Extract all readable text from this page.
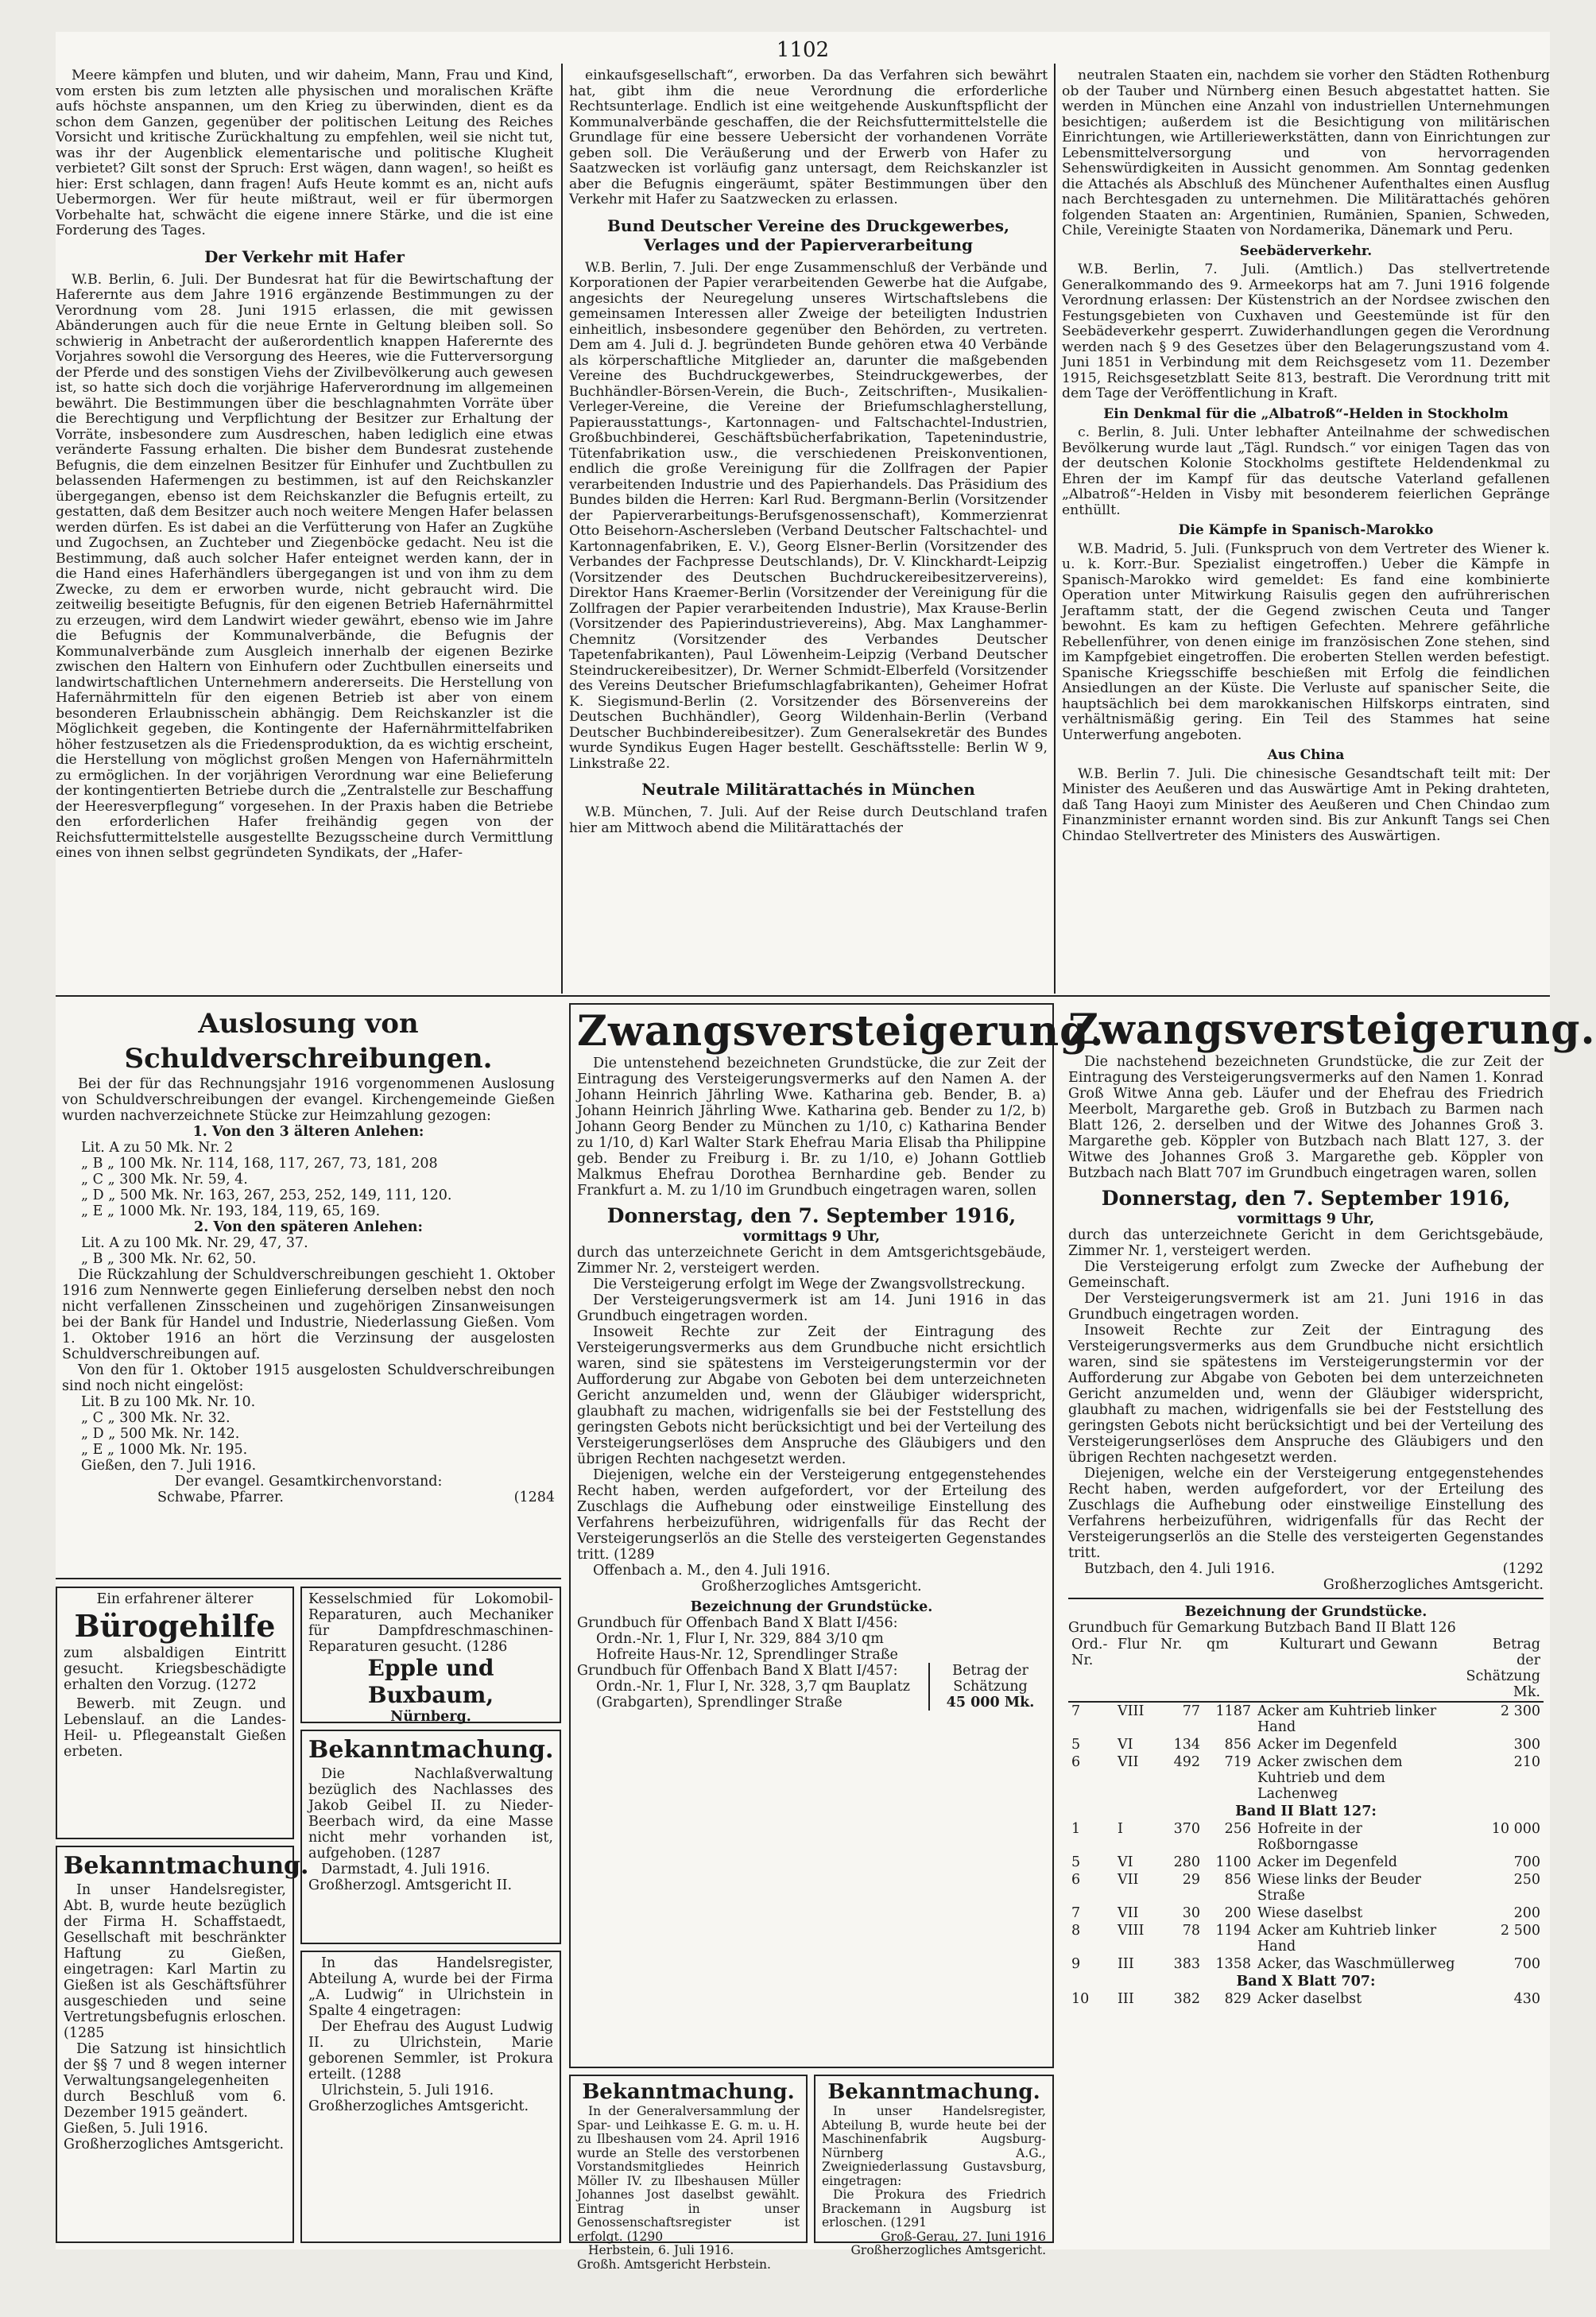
1102

Meere kämpfen und bluten, und wir daheim, Mann, Frau und Kind, vom ersten bis zum letzten alle physischen und moralischen Kräfte aufs höchste anspannen, um den Krieg zu überwinden, dient es da schon dem Ganzen, gegenüber der politischen Leitung des Reiches Vorsicht und kritische Zurückhaltung zu empfehlen, weil sie nicht tut, was ihr der Augenblick elementarische und politische Klugheit verbietet? Gilt sonst der Spruch: Erst wägen, dann wagen!, so heißt es hier: Erst schlagen, dann fragen! Aufs Heute kommt es an, nicht aufs Uebermorgen. Wer für heute mißtraut, weil er für übermorgen Vorbehalte hat, schwächt die eigene innere Stärke, und die ist eine Forderung des Tages.

Der Verkehr mit Hafer

W.B. Berlin, 6. Juli. Der Bundesrat hat für die Bewirtschaftung der Haferernte aus dem Jahre 1916 ergänzende Bestimmungen zu der Verordnung vom 28. Juni 1915 erlassen, die mit gewissen Abänderungen auch für die neue Ernte in Geltung bleiben soll. So schwierig in Anbetracht der außerordentlich knappen Haferernte des Vorjahres sowohl die Versorgung des Heeres, wie die Futterversorgung der Pferde und des sonstigen Viehs der Zivilbevölkerung auch gewesen ist, so hatte sich doch die vorjährige Haferverordnung im allgemeinen bewährt. Die Bestimmungen über die beschlagnahmten Vorräte über die Berechtigung und Verpflichtung der Besitzer zur Erhaltung der Vorräte, insbesondere zum Ausdreschen, haben lediglich eine etwas veränderte Fassung erhalten. Die bisher dem Bundesrat zustehende Befugnis, die dem einzelnen Besitzer für Einhufer und Zuchtbullen zu belassenden Hafermengen zu bestimmen, ist auf den Reichskanzler übergegangen, ebenso ist dem Reichskanzler die Befugnis erteilt, zu gestatten, daß dem Besitzer auch noch weitere Mengen Hafer belassen werden dürfen. Es ist dabei an die Verfütterung von Hafer an Zugkühe und Zugochsen, an Zuchteber und Ziegenböcke gedacht. Neu ist die Bestimmung, daß auch solcher Hafer enteignet werden kann, der in die Hand eines Haferhändlers übergegangen ist und von ihm zu dem Zwecke, zu dem er erworben wurde, nicht gebraucht wird. Die zeitweilig beseitigte Befugnis, für den eigenen Betrieb Hafernährmittel zu erzeugen, wird dem Landwirt wieder gewährt, ebenso wie im Jahre die Befugnis der Kommunalverbände, die Befugnis der Kommunalverbände zum Ausgleich innerhalb der eigenen Bezirke zwischen den Haltern von Einhufern oder Zuchtbullen einerseits und landwirtschaftlichen Unternehmern andererseits. Die Herstellung von Hafernährmitteln für den eigenen Betrieb ist aber von einem besonderen Erlaubnisschein abhängig. Dem Reichskanzler ist die Möglichkeit gegeben, die Kontingente der Hafernährmittelfabriken höher festzusetzen als die Friedensproduktion, da es wichtig erscheint, die Herstellung von möglichst großen Mengen von Hafernährmitteln zu ermöglichen. In der vorjährigen Verordnung war eine Belieferung der kontingentierten Betriebe durch die „Zentralstelle zur Beschaffung der Heeresverpflegung“ vorgesehen. In der Praxis haben die Betriebe den erforderlichen Hafer freihändig gegen von der Reichsfuttermittelstelle ausgestellte Bezugsscheine durch Vermittlung eines von ihnen selbst gegründeten Syndikats, der „Hafer-

einkaufsgesellschaft“, erworben. Da das Verfahren sich bewährt hat, gibt ihm die neue Verordnung die erforderliche Rechtsunterlage. Endlich ist eine weitgehende Auskunftspflicht der Kommunalverbände geschaffen, die der Reichsfuttermittelstelle die Grundlage für eine bessere Uebersicht der vorhandenen Vorräte geben soll. Die Veräußerung und der Erwerb von Hafer zu Saatzwecken ist vorläufig ganz untersagt, dem Reichskanzler ist aber die Befugnis eingeräumt, später Bestimmungen über den Verkehr mit Hafer zu Saatzwecken zu erlassen.

Bund Deutscher Vereine des Druckgewerbes, Verlages und der Papierverarbeitung

W.B. Berlin, 7. Juli. Der enge Zusammenschluß der Verbände und Korporationen der Papier verarbeitenden Gewerbe hat die Aufgabe, angesichts der Neuregelung unseres Wirtschaftslebens die gemeinsamen Interessen aller Zweige der beteiligten Industrien einheitlich, insbesondere gegenüber den Behörden, zu vertreten. Dem am 4. Juli d. J. begründeten Bunde gehören etwa 40 Verbände als körperschaftliche Mitglieder an, darunter die maßgebenden Vereine des Buchdruckgewerbes, Steindruckgewerbes, der Buchhändler-Börsen-Verein, die Buch-, Zeitschriften-, Musikalien-Verleger-Vereine, die Vereine der Briefumschlagherstellung, Papierausstattungs-, Kartonnagen- und Faltschachtel-Industrien, Großbuchbinderei, Geschäftsbücherfabrikation, Tapetenindustrie, Tütenfabrikation usw., die verschiedenen Preiskonventionen, endlich die große Vereinigung für die Zollfragen der Papier verarbeitenden Industrie und des Papierhandels. Das Präsidium des Bundes bilden die Herren: Karl Rud. Bergmann-Berlin (Vorsitzender der Papierverarbeitungs-Berufsgenossenschaft), Kommerzienrat Otto Beisehorn-Aschersleben (Verband Deutscher Faltschachtel- und Kartonnagenfabriken, E. V.), Georg Elsner-Berlin (Vorsitzender des Verbandes der Fachpresse Deutschlands), Dr. V. Klinckhardt-Leipzig (Vorsitzender des Deutschen Buchdruckereibesitzervereins), Direktor Hans Kraemer-Berlin (Vorsitzender der Vereinigung für die Zollfragen der Papier verarbeitenden Industrie), Max Krause-Berlin (Vorsitzender des Papierindustrievereins), Abg. Max Langhammer-Chemnitz (Vorsitzender des Verbandes Deutscher Tapetenfabrikanten), Paul Löwenheim-Leipzig (Verband Deutscher Steindruckereibesitzer), Dr. Werner Schmidt-Elberfeld (Vorsitzender des Vereins Deutscher Briefumschlagfabrikanten), Geheimer Hofrat K. Siegismund-Berlin (2. Vorsitzender des Börsenvereins der Deutschen Buchhändler), Georg Wildenhain-Berlin (Verband Deutscher Buchbindereibesitzer). Zum Generalsekretär des Bundes wurde Syndikus Eugen Hager bestellt. Geschäftsstelle: Berlin W 9, Linkstraße 22.

Neutrale Militärattachés in München

W.B. München, 7. Juli. Auf der Reise durch Deutschland trafen hier am Mittwoch abend die Militärattachés der

neutralen Staaten ein, nachdem sie vorher den Städten Rothenburg ob der Tauber und Nürnberg einen Besuch abgestattet hatten. Sie werden in München eine Anzahl von industriellen Unternehmungen besichtigen; außerdem ist die Besichtigung von militärischen Einrichtungen, wie Artilleriewerkstätten, dann von Einrichtungen zur Lebensmittelversorgung und von hervorragenden Sehenswürdigkeiten in Aussicht genommen. Am Sonntag gedenken die Attachés als Abschluß des Münchener Aufenthaltes einen Ausflug nach Berchtesgaden zu unternehmen. Die Militärattachés gehören folgenden Staaten an: Argentinien, Rumänien, Spanien, Schweden, Chile, Vereinigte Staaten von Nordamerika, Dänemark und Peru.

Seebäderverkehr.

W.B. Berlin, 7. Juli. (Amtlich.) Das stellvertretende Generalkommando des 9. Armeekorps hat am 7. Juni 1916 folgende Verordnung erlassen: Der Küstenstrich an der Nordsee zwischen den Festungsgebieten von Cuxhaven und Geestemünde ist für den Seebädeverkehr gesperrt. Zuwiderhandlungen gegen die Verordnung werden nach § 9 des Gesetzes über den Belagerungszustand vom 4. Juni 1851 in Verbindung mit dem Reichsgesetz vom 11. Dezember 1915, Reichsgesetzblatt Seite 813, bestraft. Die Verordnung tritt mit dem Tage der Veröffentlichung in Kraft.

Ein Denkmal für die „Albatroß“-Helden in Stockholm

c. Berlin, 8. Juli. Unter lebhafter Anteilnahme der schwedischen Bevölkerung wurde laut „Tägl. Rundsch.“ vor einigen Tagen das von der deutschen Kolonie Stockholms gestiftete Heldendenkmal zu Ehren der im Kampf für das deutsche Vaterland gefallenen „Albatroß“-Helden in Visby mit besonderem feierlichen Gepränge enthüllt.

Die Kämpfe in Spanisch-Marokko

W.B. Madrid, 5. Juli. (Funkspruch von dem Vertreter des Wiener k. u. k. Korr.-Bur. Spezialist eingetroffen.) Ueber die Kämpfe in Spanisch-Marokko wird gemeldet: Es fand eine kombinierte Operation unter Mitwirkung Raisulis gegen den aufrührerischen Jeraftamm statt, der die Gegend zwischen Ceuta und Tanger bewohnt. Es kam zu heftigen Gefechten. Mehrere gefährliche Rebellenführer, von denen einige im französischen Zone stehen, sind im Kampfgebiet eingetroffen. Die eroberten Stellen werden befestigt. Spanische Kriegsschiffe beschießen mit Erfolg die feindlichen Ansiedlungen an der Küste. Die Verluste auf spanischer Seite, die hauptsächlich bei dem marokkanischen Hilfskorps eintraten, sind verhältnismäßig gering. Ein Teil des Stammes hat seine Unterwerfung angeboten.

Aus China

W.B. Berlin 7. Juli. Die chinesische Gesandtschaft teilt mit: Der Minister des Aeußeren und das Auswärtige Amt in Peking drahteten, daß Tang Haoyi zum Minister des Aeußeren und Chen Chindao zum Finanzminister ernannt worden sind. Bis zur Ankunft Tangs sei Chen Chindao Stellvertreter des Ministers des Auswärtigen.

Auslosung von Schuldverschreibungen.
Bei der für das Rechnungsjahr 1916 vorgenommenen Auslosung von Schuldverschreibungen der evangel. Kirchengemeinde Gießen wurden nachverzeichnete Stücke zur Heimzahlung gezogen:
1. Von den 3 älteren Anlehen:
Lit. A zu 50 Mk. Nr. 2
„ B „ 100 Mk. Nr. 114, 168, 117, 267, 73, 181, 208
„ C „ 300 Mk. Nr. 59, 4.
„ D „ 500 Mk. Nr. 163, 267, 253, 252, 149, 111, 120.
„ E „ 1000 Mk. Nr. 193, 184, 119, 65, 169.
2. Von den späteren Anlehen:
Lit. A zu 100 Mk. Nr. 29, 47, 37.
„ B „ 300 Mk. Nr. 62, 50.
Die Rückzahlung der Schuldverschreibungen geschieht 1. Oktober 1916 zum Nennwerte gegen Einlieferung derselben nebst den noch nicht verfallenen Zinsscheinen und zugehörigen Zinsanweisungen bei der Bank für Handel und Industrie, Niederlassung Gießen. Vom 1. Oktober 1916 an hört die Verzinsung der ausgelosten Schuldverschreibungen auf.
Von den für 1. Oktober 1915 ausgelosten Schuldverschreibungen sind noch nicht eingelöst:
Lit. B zu 100 Mk. Nr. 10.
„ C „ 300 Mk. Nr. 32.
„ D „ 500 Mk. Nr. 142.
„ E „ 1000 Mk. Nr. 195.
Gießen, den 7. Juli 1916.
Der evangel. Gesamtkirchenvorstand:
Schwabe, Pfarrer.	(1284
Ein erfahrener älterer
Bürogehilfe
zum alsbaldigen Eintritt gesucht. Kriegsbeschädigte erhalten den Vorzug. (1272
Bewerb. mit Zeugn. und Lebenslauf. an die Landes-Heil- u. Pflegeanstalt Gießen erbeten.
Kesselschmied für Lokomobil-Reparaturen, auch Mechaniker für Dampfdreschmaschinen-Reparaturen gesucht. (1286
Epple und Buxbaum,
Nürnberg.
Bekanntmachung.
In unser Handelsregister, Abt. B, wurde heute bezüglich der Firma H. Schaffstaedt, Gesellschaft mit beschränkter Haftung zu Gießen, eingetragen: Karl Martin zu Gießen ist als Geschäftsführer ausgeschieden und seine Vertretungsbefugnis erloschen. (1285
Die Satzung ist hinsichtlich der §§ 7 und 8 wegen interner Verwaltungsangelegenheiten durch Beschluß vom 6. Dezember 1915 geändert.
Gießen, 5. Juli 1916.
Großherzogliches Amtsgericht.
Bekanntmachung.
Die Nachlaßverwaltung bezüglich des Nachlasses des Jakob Geibel II. zu Nieder-Beerbach wird, da eine Masse nicht mehr vorhanden ist, aufgehoben. (1287
Darmstadt, 4. Juli 1916.
Großherzogl. Amtsgericht II.
In das Handelsregister, Abteilung A, wurde bei der Firma „A. Ludwig“ in Ulrichstein in Spalte 4 eingetragen:
Der Ehefrau des August Ludwig II. zu Ulrichstein, Marie geborenen Semmler, ist Prokura erteilt. (1288
Ulrichstein, 5. Juli 1916.
Großherzogliches Amtsgericht.
Zwangsversteigerung.
Die untenstehend bezeichneten Grundstücke, die zur Zeit der Eintragung des Versteigerungsvermerks auf den Namen A. der Johann Heinrich Jährling Wwe. Katharina geb. Bender, B. a) Johann Heinrich Jährling Wwe. Katharina geb. Bender zu 1/2, b) Johann Georg Bender zu München zu 1/10, c) Katharina Bender zu 1/10, d) Karl Walter Stark Ehefrau Maria Elisab tha Philippine geb. Bender zu Freiburg i. Br. zu 1/10, e) Johann Gottlieb Malkmus Ehefrau Dorothea Bernhardine geb. Bender zu Frankfurt a. M. zu 1/10 im Grundbuch eingetragen waren, sollen
Donnerstag, den 7. September 1916,
vormittags 9 Uhr,
durch das unterzeichnete Gericht in dem Amtsgerichtsgebäude, Zimmer Nr. 2, versteigert werden.
Die Versteigerung erfolgt im Wege der Zwangsvollstreckung.
Der Versteigerungsvermerk ist am 14. Juni 1916 in das Grundbuch eingetragen worden.
Insoweit Rechte zur Zeit der Eintragung des Versteigerungsvermerks aus dem Grundbuche nicht ersichtlich waren, sind sie spätestens im Versteigerungstermin vor der Aufforderung zur Abgabe von Geboten bei dem unterzeichneten Gericht anzumelden und, wenn der Gläubiger widerspricht, glaubhaft zu machen, widrigenfalls sie bei der Feststellung des geringsten Gebots nicht berücksichtigt und bei der Verteilung des Versteigerungserlöses dem Anspruche des Gläubigers und den übrigen Rechten nachgesetzt werden.
Diejenigen, welche ein der Versteigerung entgegenstehendes Recht haben, werden aufgefordert, vor der Erteilung des Zuschlags die Aufhebung oder einstweilige Einstellung des Verfahrens herbeizuführen, widrigenfalls für das Recht der Versteigerungserlös an die Stelle des versteigerten Gegenstandes tritt. (1289
Offenbach a. M., den 4. Juli 1916.
Großherzogliches Amtsgericht.
Bezeichnung der Grundstücke.
Grundbuch für Offenbach Band X Blatt I/456:
Ordn.-Nr. 1, Flur I, Nr. 329, 884 3/10 qm Hofreite Haus-Nr. 12, Sprendlinger Straße
Grundbuch für Offenbach Band X Blatt I/457:
Ordn.-Nr. 1, Flur I, Nr. 328, 3,7 qm Bauplatz (Grabgarten), Sprendlinger Straße
Betrag der Schätzung
45 000 Mk.
Bekanntmachung.
In der Generalversammlung der Spar- und Leihkasse E. G. m. u. H. zu Ilbeshausen vom 24. April 1916 wurde an Stelle des verstorbenen Vorstandsmitgliedes Heinrich Möller IV. zu Ilbeshausen Müller Johannes Jost daselbst gewählt. Eintrag in unser Genossenschaftsregister ist erfolgt. (1290
Herbstein, 6. Juli 1916.
Großh. Amtsgericht Herbstein.
Bekanntmachung.
In unser Handelsregister, Abteilung B, wurde heute bei der Maschinenfabrik Augsburg-Nürnberg A.G., Zweigniederlassung Gustavsburg, eingetragen:
Die Prokura des Friedrich Brackemann in Augsburg ist erloschen. (1291
Groß-Gerau, 27. Juni 1916
Großherzogliches Amtsgericht.
Zwangsversteigerung.
Die nachstehend bezeichneten Grundstücke, die zur Zeit der Eintragung des Versteigerungsvermerks auf den Namen 1. Konrad Groß Witwe Anna geb. Läufer und der Ehefrau des Friedrich Meerbolt, Margarethe geb. Groß in Butzbach zu Barmen nach Blatt 126, 2. derselben und der Witwe des Johannes Groß 3. Margarethe geb. Köppler von Butzbach nach Blatt 127, 3. der Witwe des Johannes Groß 3. Margarethe geb. Köppler von Butzbach nach Blatt 707 im Grundbuch eingetragen waren, sollen
Donnerstag, den 7. September 1916,
vormittags 9 Uhr,
durch das unterzeichnete Gericht in dem Gerichtsgebäude, Zimmer Nr. 1, versteigert werden.
Die Versteigerung erfolgt zum Zwecke der Aufhebung der Gemeinschaft.
Der Versteigerungsvermerk ist am 21. Juni 1916 in das Grundbuch eingetragen worden.
Insoweit Rechte zur Zeit der Eintragung des Versteigerungsvermerks aus dem Grundbuche nicht ersichtlich waren, sind sie spätestens im Versteigerungstermin vor der Aufforderung zur Abgabe von Geboten bei dem unterzeichneten Gericht anzumelden und, wenn der Gläubiger widerspricht, glaubhaft zu machen, widrigenfalls sie bei der Feststellung des geringsten Gebots nicht berücksichtigt und bei der Verteilung des Versteigerungserlöses dem Anspruche des Gläubigers und den übrigen Rechten nachgesetzt werden.
Diejenigen, welche ein der Versteigerung entgegenstehendes Recht haben, werden aufgefordert, vor der Erteilung des Zuschlags die Aufhebung oder einstweilige Einstellung des Verfahrens herbeizuführen, widrigenfalls für das Recht der Versteigerungserlös an die Stelle des versteigerten Gegenstandes tritt.
Butzbach, den 4. Juli 1916.	(1292
Großherzogliches Amtsgericht.
Bezeichnung der Grundstücke.
Grundbuch für Gemarkung Butzbach Band II Blatt 126
Ord.-Nr.	Flur	Nr.	qm	Kulturart und Gewann	Betrag der Schätzung Mk.
7	VIII	77	1187	Acker am Kuhtrieb linker Hand	2 300
5	VI	134	856	Acker im Degenfeld	300
6	VII	492	719	Acker zwischen dem Kuhtrieb und dem Lachenweg	210
Band II Blatt 127:					
1	I	370	256	Hofreite in der Roßborngasse	10 000
5	VI	280	1100	Acker im Degenfeld	700
6	VII	29	856	Wiese links der Beuder Straße	250
7	VII	30	200	Wiese daselbst	200
8	VIII	78	1194	Acker am Kuhtrieb linker Hand	2 500
9	III	383	1358	Acker, das Waschmüllerweg	700
Band X Blatt 707:					
10	III	382	829	Acker daselbst	430
